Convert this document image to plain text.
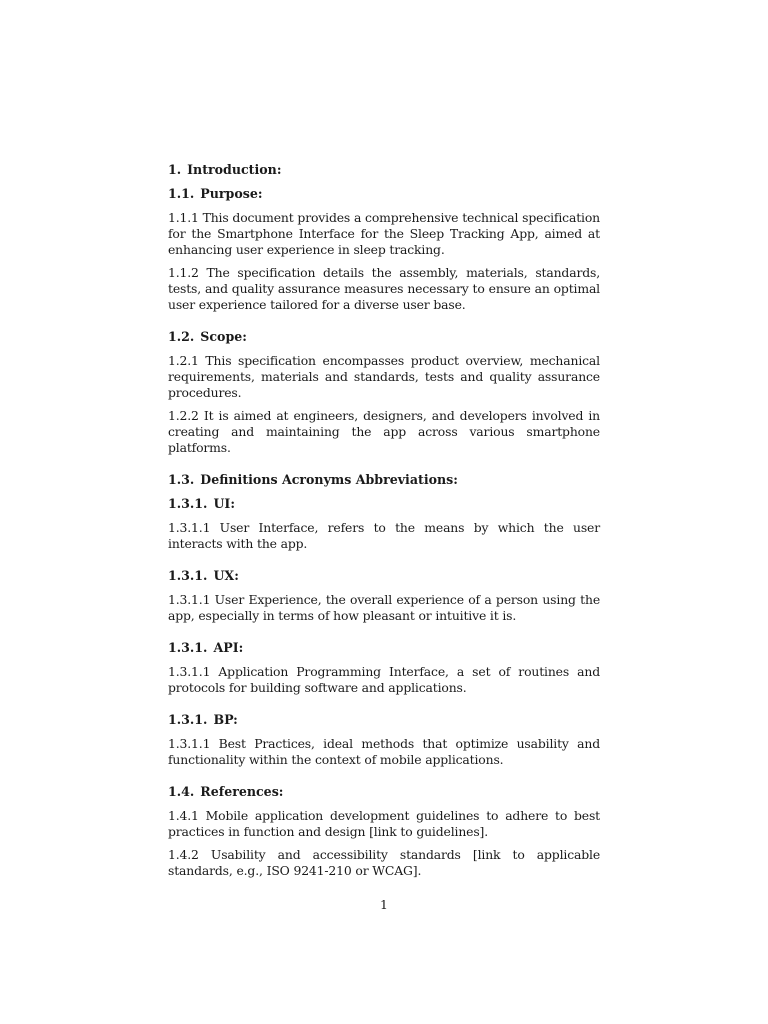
1. Introduction:
1.1. Purpose:
1.1.1 This document provides a comprehensive technical specification for the Smartphone Interface for the Sleep Tracking App, aimed at enhancing user experience in sleep tracking.
1.1.2 The specification details the assembly, materials, standards, tests, and quality assurance measures necessary to ensure an optimal user experience tailored for a diverse user base.
1.2. Scope:
1.2.1 This specification encompasses product overview, mechanical requirements, materials and standards, tests and quality assurance procedures.
1.2.2 It is aimed at engineers, designers, and developers involved in creating and maintaining the app across various smartphone platforms.
1.3. Definitions Acronyms Abbreviations:
1.3.1. UI:
1.3.1.1 User Interface, refers to the means by which the user interacts with the app.
1.3.1. UX:
1.3.1.1 User Experience, the overall experience of a person using the app, especially in terms of how pleasant or intuitive it is.
1.3.1. API:
1.3.1.1 Application Programming Interface, a set of routines and protocols for building software and applications.
1.3.1. BP:
1.3.1.1 Best Practices, ideal methods that optimize usability and functionality within the context of mobile applications.
1.4. References:
1.4.1 Mobile application development guidelines to adhere to best practices in function and design [link to guidelines].
1.4.2 Usability and accessibility standards [link to applicable standards, e.g., ISO 9241-210 or WCAG].
1
